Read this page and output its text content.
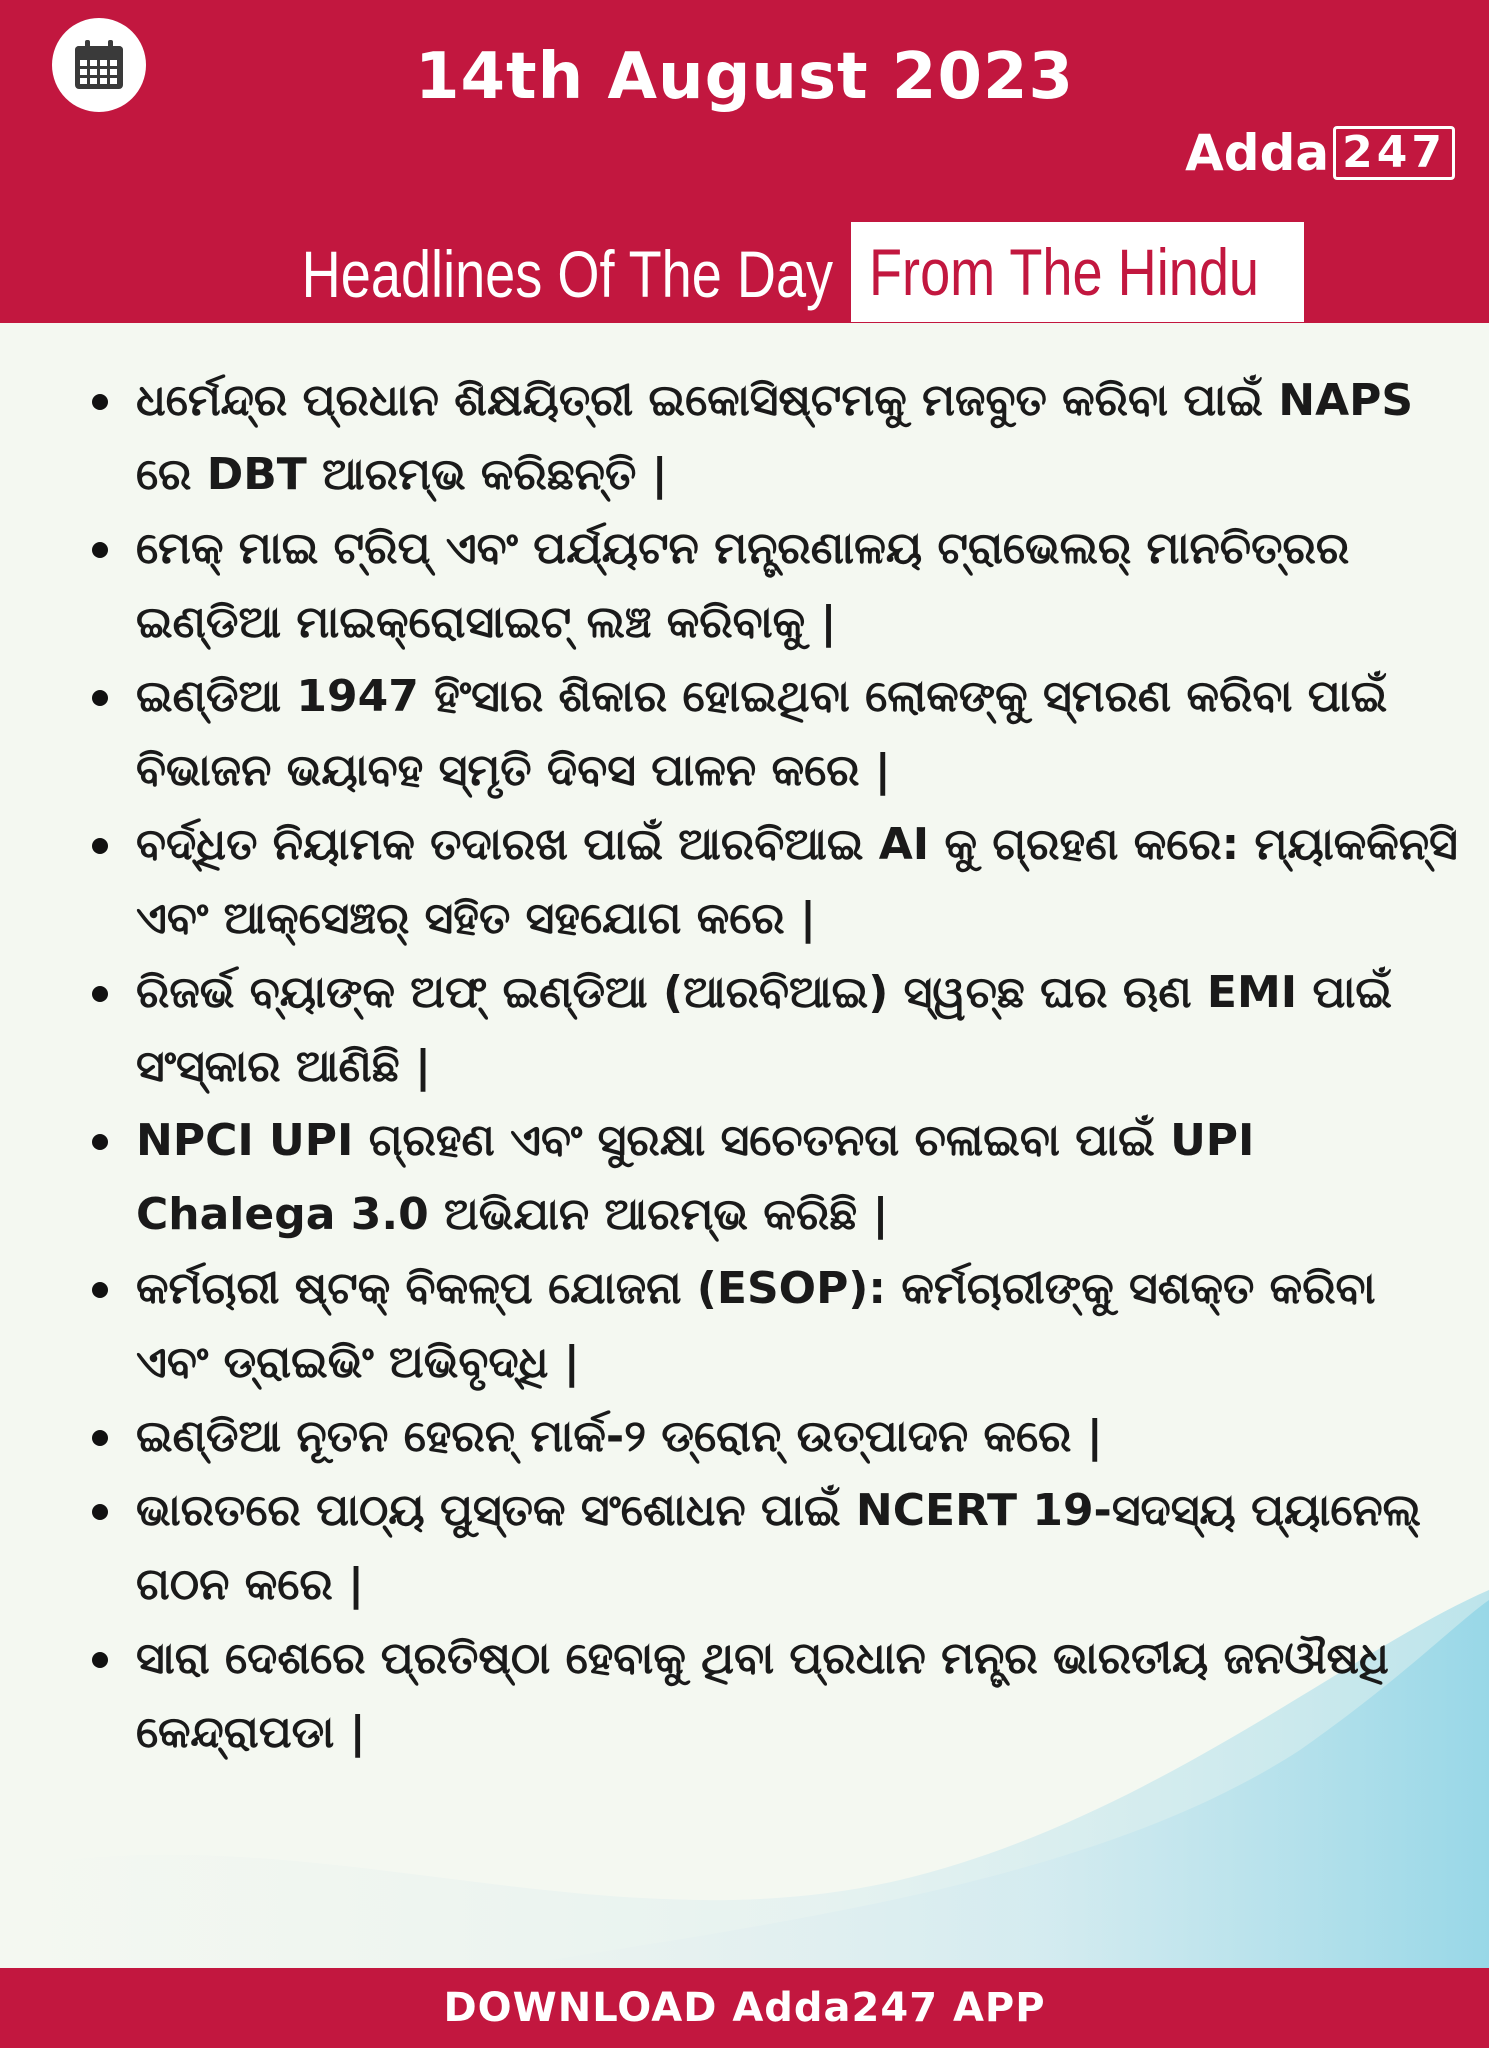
14th August 2023
Adda 247
Headlines Of The Day From The Hindu
ଧର୍ମେନ୍ଦ୍ର ପ୍ରଧାନ ଶିକ୍ଷୟିତ୍ରୀ ଇକୋସିଷ୍ଟମକୁ ମଜବୁତ କରିବା ପାଇଁ NAPS ରେ DBT ଆରମ୍ଭ କରିଛନ୍ତି |
ମେକ୍ ମାଇ ଟ୍ରିପ୍ ଏବଂ ପର୍ଯ୍ୟଟନ ମନ୍ତ୍ରଣାଳୟ ଟ୍ରାଭେଲର୍ ମାନଚିତ୍ରର ଇଣ୍ଡିଆ ମାଇକ୍ରୋସାଇଟ୍ ଲଞ୍ଚ କରିବାକୁ |
ଇଣ୍ଡିଆ 1947 ହିଂସାର ଶିକାର ହୋଇଥିବା ଲୋକଙ୍କୁ ସ୍ମରଣ କରିବା ପାଇଁ ବିଭାଜନ ଭୟାବହ ସ୍ମୃତି ଦିବସ ପାଳନ କରେ |
ବର୍ଦ୍ଧିତ ନିୟାମକ ତଦାରଖ ପାଇଁ ଆରବିଆଇ AI କୁ ଗ୍ରହଣ କରେ: ମ୍ୟାକକିନ୍ସି ଏବଂ ଆକ୍ସେଞ୍ଚର୍ ସହିତ ସହଯୋଗ କରେ |
ରିଜର୍ଭ ବ୍ୟାଙ୍କ ଅଫ୍ ଇଣ୍ଡିଆ (ଆରବିଆଇ) ସ୍ୱଚ୍ଛ ଘର ଋଣ EMI ପାଇଁ ସଂସ୍କାର ଆଣିଛି |
NPCI UPI ଗ୍ରହଣ ଏବଂ ସୁରକ୍ଷା ସଚେତନତା ଚଳାଇବା ପାଇଁ UPI Chalega 3.0 ଅଭିଯାନ ଆରମ୍ଭ କରିଛି |
କର୍ମଚାରୀ ଷ୍ଟକ୍ ବିକଳ୍ପ ଯୋଜନା (ESOP): କର୍ମଚାରୀଙ୍କୁ ସଶକ୍ତ କରିବା ଏବଂ ଡ୍ରାଇଭିଂ ଅଭିବୃଦ୍ଧି |
ଇଣ୍ଡିଆ ନୂତନ ହେରନ୍ ମାର୍କ-୨ ଡ୍ରୋନ୍ ଉତ୍ପାଦନ କରେ |
ଭାରତରେ ପାଠ୍ୟ ପୁସ୍ତକ ସଂଶୋଧନ ପାଇଁ NCERT 19-ସଦସ୍ୟ ପ୍ୟାନେଲ୍ ଗଠନ କରେ |
ସାରା ଦେଶରେ ପ୍ରତିଷ୍ଠା ହେବାକୁ ଥିବା ପ୍ରଧାନ ମନ୍ତ୍ର ଭାରତୀୟ ଜନଔଷଧି କେନ୍ଦ୍ରାପଡା |
DOWNLOAD Adda247 APP
